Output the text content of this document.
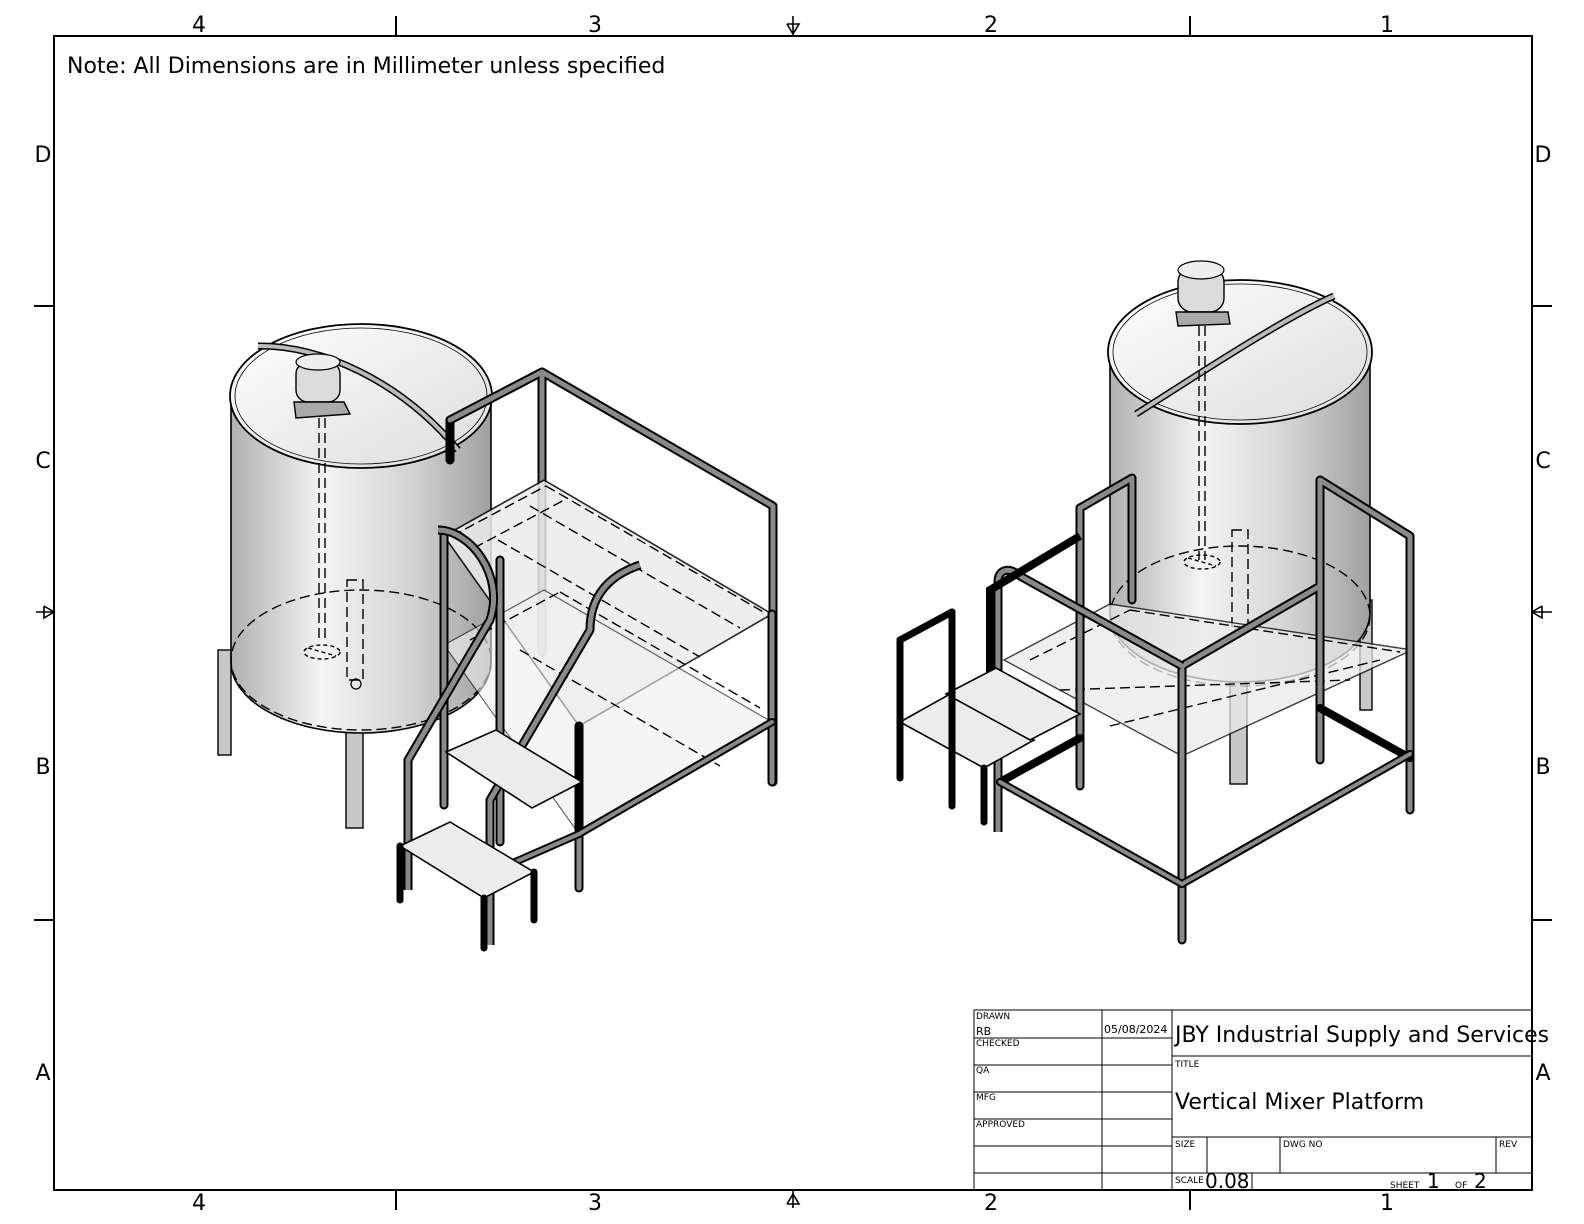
4	3	2	1
4	3	2	1
D
C
B
A
D
C
B
A
Note: All Dimensions are in Millimeter unless specified
DRAWN
RB	05/08/2024
CHECKED
QA
MFG
APPROVED
JBY Industrial Supply and Services
TITLE
Vertical Mixer Platform
SIZE	DWG NO	REV
SCALE 0.08	SHEET 1 OF 2
